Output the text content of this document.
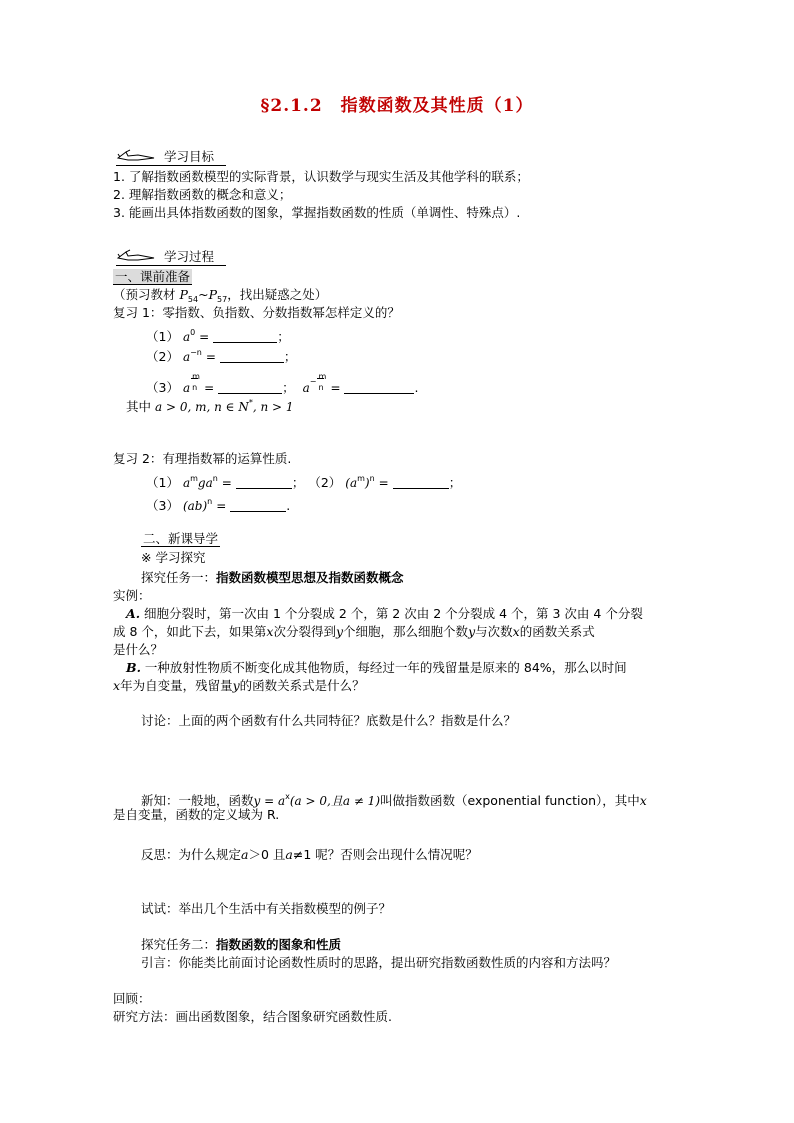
§2.1.2　指数函数及其性质（1）
学习目标
1. 了解指数函数模型的实际背景，认识数学与现实生活及其他学科的联系；
2. 理解指数函数的概念和意义；
3. 能画出具体指数函数的图象，掌握指数函数的性质（单调性、特殊点）.
学习过程
一、课前准备
（预习教材 $P_{54}\sim P_{57}$，找出疑惑之处）
复习 1：零指数、负指数、分数指数幂怎样定义的？
（1） $a^0$ =	；
（2） $a^{-n}$ =	；
（3） a
m
n =	； a−
m
n =	.
其中 a > 0, m, n ∈ N*, n > 1
复习 2：有理指数幂的运算性质.
（1） $a^mga^n$ =	； （2） $(a^m)^n$ =	；
（3） (ab)$^n$ =	.
二、新课导学
※ 学习探究
探究任务一：指数函数模型思想及指数函数概念
实例：
A. 细胞分裂时，第一次由 1 个分裂成 2 个，第 2 次由 2 个分裂成 4 个，第 3 次由 4 个分裂
成 8 个，如此下去，如果第x次分裂得到y个细胞，那么细胞个数y与次数x的函数关系式
是什么？
B. 一种放射性物质不断变化成其他物质，每经过一年的残留量是原来的 84%，那么以时间
x年为自变量，残留量y的函数关系式是什么？
讨论：上面的两个函数有什么共同特征？底数是什么？指数是什么？
新知：一般地，函数$y = a^x(a > 0$,且a ≠ 1)叫做指数函数（exponential function），其中x
是自变量，函数的定义域为 R.
反思：为什么规定a＞0 且a≠1 呢？否则会出现什么情况呢？
试试：举出几个生活中有关指数模型的例子？
探究任务二：指数函数的图象和性质
引言：你能类比前面讨论函数性质时的思路，提出研究指数函数性质的内容和方法吗？
回顾：
研究方法：画出函数图象，结合图象研究函数性质.
